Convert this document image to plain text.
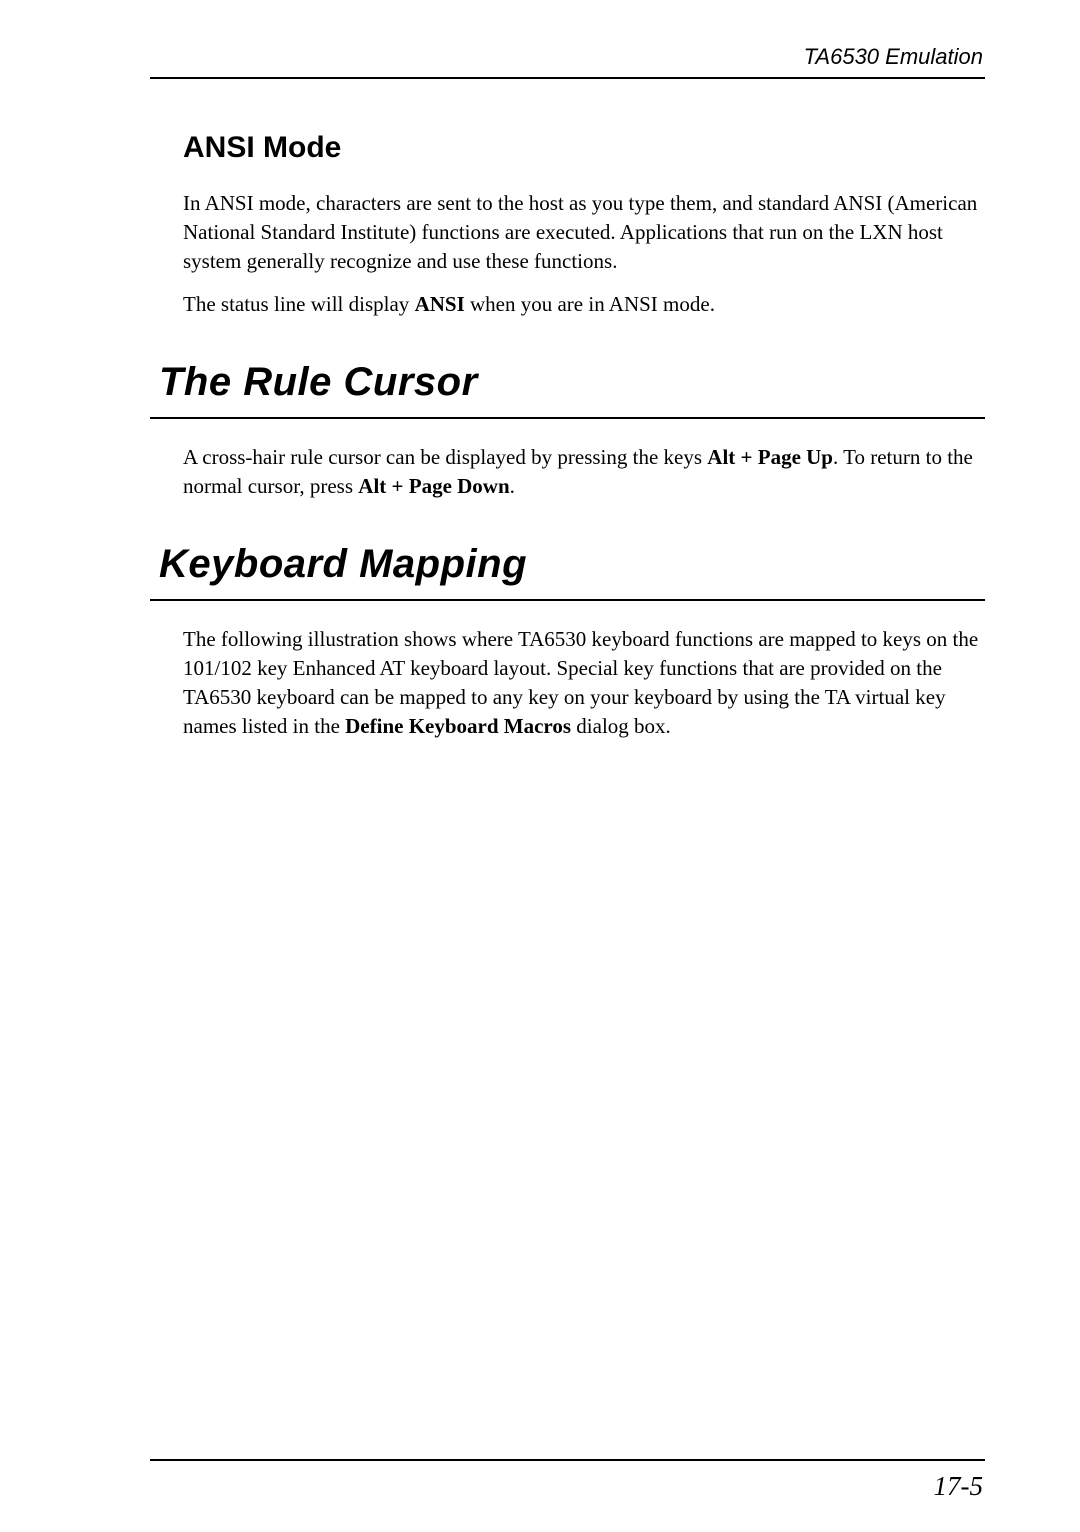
TA6530 Emulation
ANSI Mode

In ANSI mode, characters are sent to the host as you type them, and standard ANSI (American National Standard Institute) functions are executed. Applications that run on the LXN host system generally recognize and use these functions.

The status line will display ANSI when you are in ANSI mode.

The Rule Cursor

A cross-hair rule cursor can be displayed by pressing the keys Alt + Page Up. To return to the normal cursor, press Alt + Page Down.

Keyboard Mapping

The following illustration shows where TA6530 keyboard functions are mapped to keys on the 101/102 key Enhanced AT keyboard layout. Special key functions that are provided on the TA6530 keyboard can be mapped to any key on your keyboard by using the TA virtual key names listed in the Define Keyboard Macros dialog box.

17-5
